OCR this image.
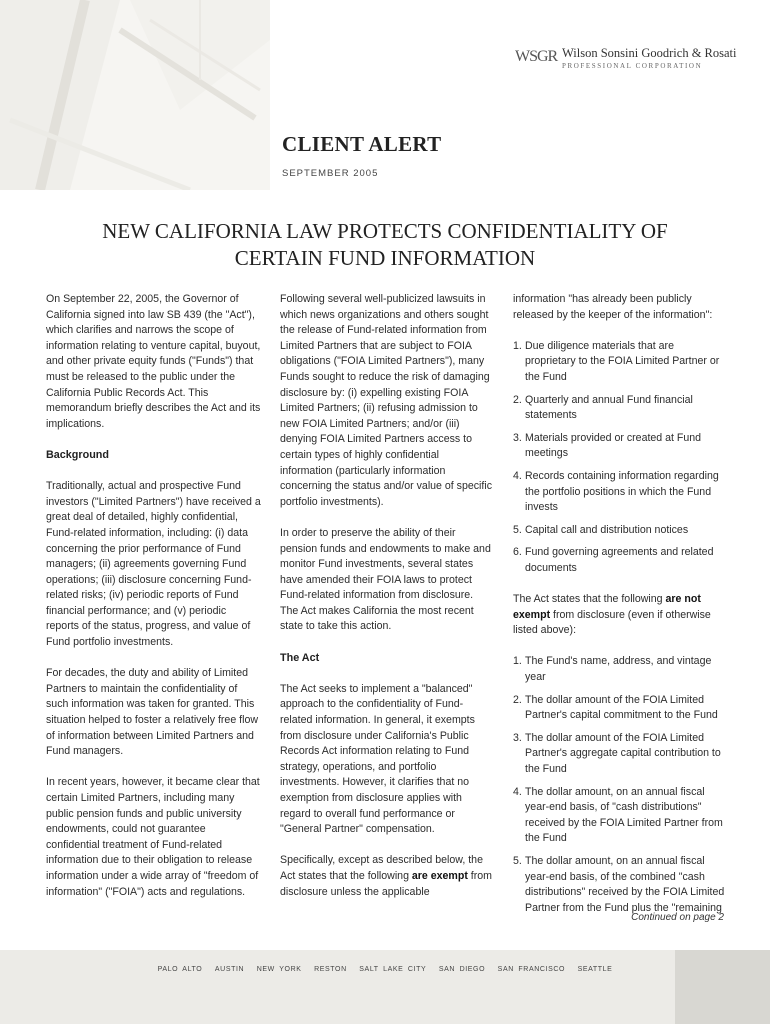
WSGR Wilson Sonsini Goodrich & Rosati
PROFESSIONAL CORPORATION
CLIENT ALERT
SEPTEMBER 2005
NEW CALIFORNIA LAW PROTECTS CONFIDENTIALITY OF
CERTAIN FUND INFORMATION

On September 22, 2005, the Governor of California signed into law SB 439 (the "Act"), which clarifies and narrows the scope of information relating to venture capital, buyout, and other private equity funds ("Funds") that must be released to the public under the California Public Records Act. This memorandum briefly describes the Act and its implications.

Background

Traditionally, actual and prospective Fund investors ("Limited Partners") have received a great deal of detailed, highly confidential, Fund-related information, including: (i) data concerning the prior performance of Fund managers; (ii) agreements governing Fund operations; (iii) disclosure concerning Fund-related risks; (iv) periodic reports of Fund financial performance; and (v) periodic reports of the status, progress, and value of Fund portfolio investments.

For decades, the duty and ability of Limited Partners to maintain the confidentiality of such information was taken for granted. This situation helped to foster a relatively free flow of information between Limited Partners and Fund managers.

In recent years, however, it became clear that certain Limited Partners, including many public pension funds and public university endowments, could not guarantee confidential treatment of Fund-related information due to their obligation to release information under a wide array of "freedom of information" ("FOIA") acts and regulations.

Following several well-publicized lawsuits in which news organizations and others sought the release of Fund-related information from Limited Partners that are subject to FOIA obligations ("FOIA Limited Partners"), many Funds sought to reduce the risk of damaging disclosure by: (i) expelling existing FOIA Limited Partners; (ii) refusing admission to new FOIA Limited Partners; and/or (iii) denying FOIA Limited Partners access to certain types of highly confidential information (particularly information concerning the status and/or value of specific portfolio investments).

In order to preserve the ability of their pension funds and endowments to make and monitor Fund investments, several states have amended their FOIA laws to protect Fund-related information from disclosure. The Act makes California the most recent state to take this action.

The Act

The Act seeks to implement a "balanced" approach to the confidentiality of Fund-related information. In general, it exempts from disclosure under California's Public Records Act information relating to Fund strategy, operations, and portfolio investments. However, it clarifies that no exemption from disclosure applies with regard to overall fund performance or "General Partner" compensation.

Specifically, except as described below, the Act states that the following are exempt from disclosure unless the applicable

information "has already been publicly released by the keeper of the information":

1. Due diligence materials that are proprietary to the FOIA Limited Partner or the Fund
2. Quarterly and annual Fund financial statements
3. Materials provided or created at Fund meetings
4. Records containing information regarding the portfolio positions in which the Fund invests
5. Capital call and distribution notices
6. Fund governing agreements and related documents

The Act states that the following are not exempt from disclosure (even if otherwise listed above):

1. The Fund's name, address, and vintage year
2. The dollar amount of the FOIA Limited Partner's capital commitment to the Fund
3. The dollar amount of the FOIA Limited Partner's aggregate capital contribution to the Fund
4. The dollar amount, on an annual fiscal year-end basis, of "cash distributions" received by the FOIA Limited Partner from the Fund
5. The dollar amount, on an annual fiscal year-end basis, of the combined "cash distributions" received by the FOIA Limited Partner from the Fund plus the "remaining
Continued on page 2
PALO ALTO AUSTIN NEW YORK RESTON SALT LAKE CITY SAN DIEGO SAN FRANCISCO SEATTLE
